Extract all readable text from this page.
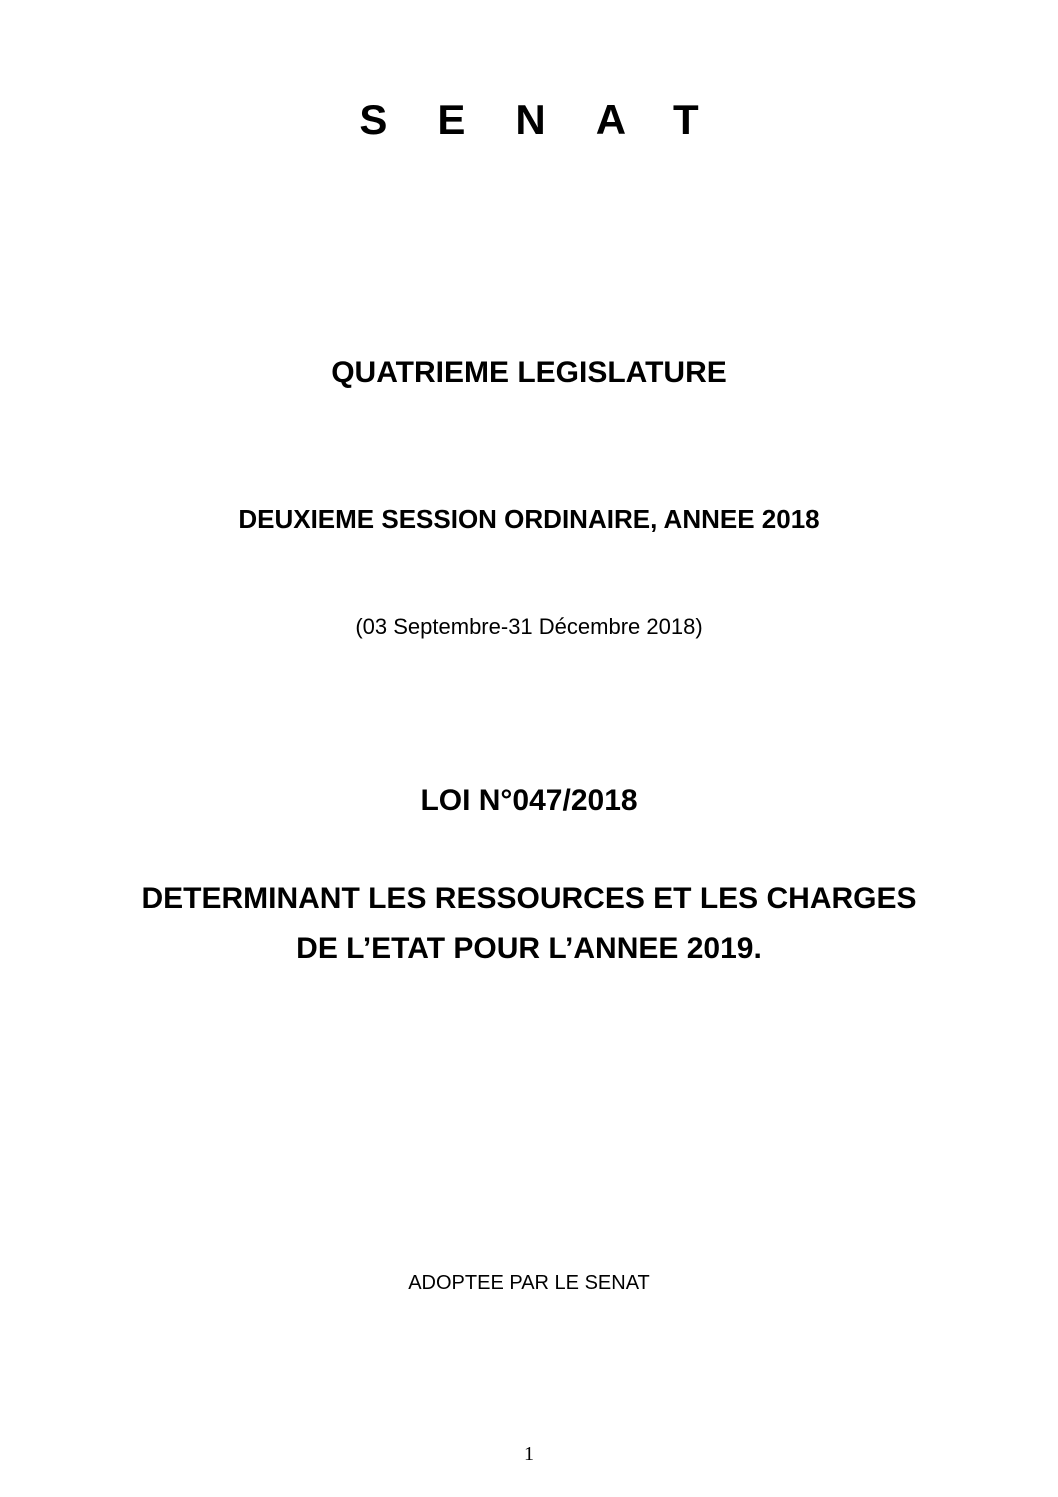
SENAT
QUATRIEME LEGISLATURE
DEUXIEME SESSION ORDINAIRE, ANNEE 2018
(03 Septembre-31 Décembre 2018)
LOI N°047/2018
DETERMINANT LES RESSOURCES ET LES CHARGES
DE L’ETAT POUR L’ANNEE 2019.
ADOPTEE PAR LE SENAT
1
